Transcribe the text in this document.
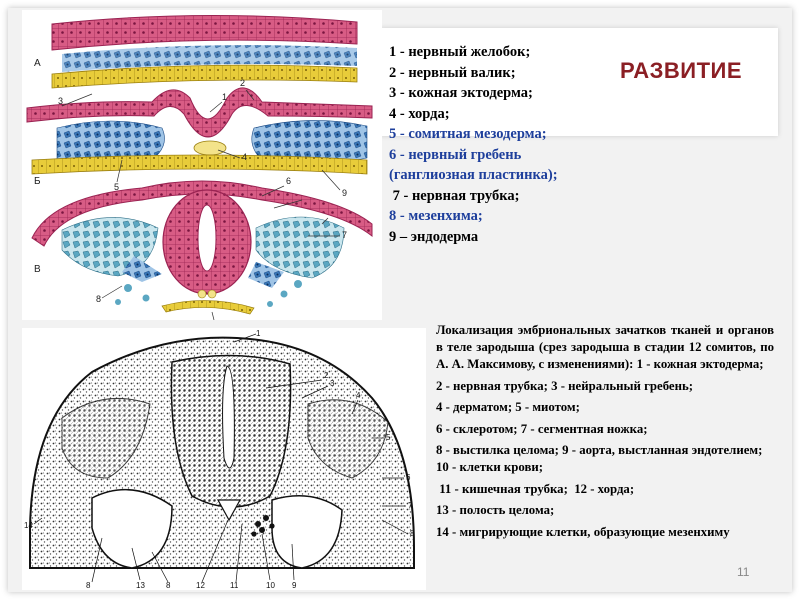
РАЗВИТИЕ
А
Б
В
1
2
3
4
5
6
7
8
9
1 - нервный желобок;
2 - нервный валик;
3 - кожная эктодерма;
4 - хорда;
5 - сомитная мезодерма;
6 - нервный гребень
(ганглиозная пластинка);
7 - нервная трубка;
8 - мезенхима;
9 – эндодерма
1
2
3
4
5
6
7
8
14
8	13	8	12	11	10 9

Локализация эмбриональных зачатков тканей и органов в теле зародыша (срез зародыша в стадии 12 сомитов, по А. А. Максимову, с изменениями): 1 - кожная эктодерма;

2 - нервная трубка; 3 - нейральный гребень;

4 - дерматом; 5 - миотом;

6 - склеротом; 7 - сегментная ножка;

8 - выстилка целома; 9 - аорта, выстланная эндотелием; 10 - клетки крови;

11 - кишечная трубка;  12 - хорда;

13 - полость целома;

14 - мигрирующие клетки, образующие мезенхиму

11
